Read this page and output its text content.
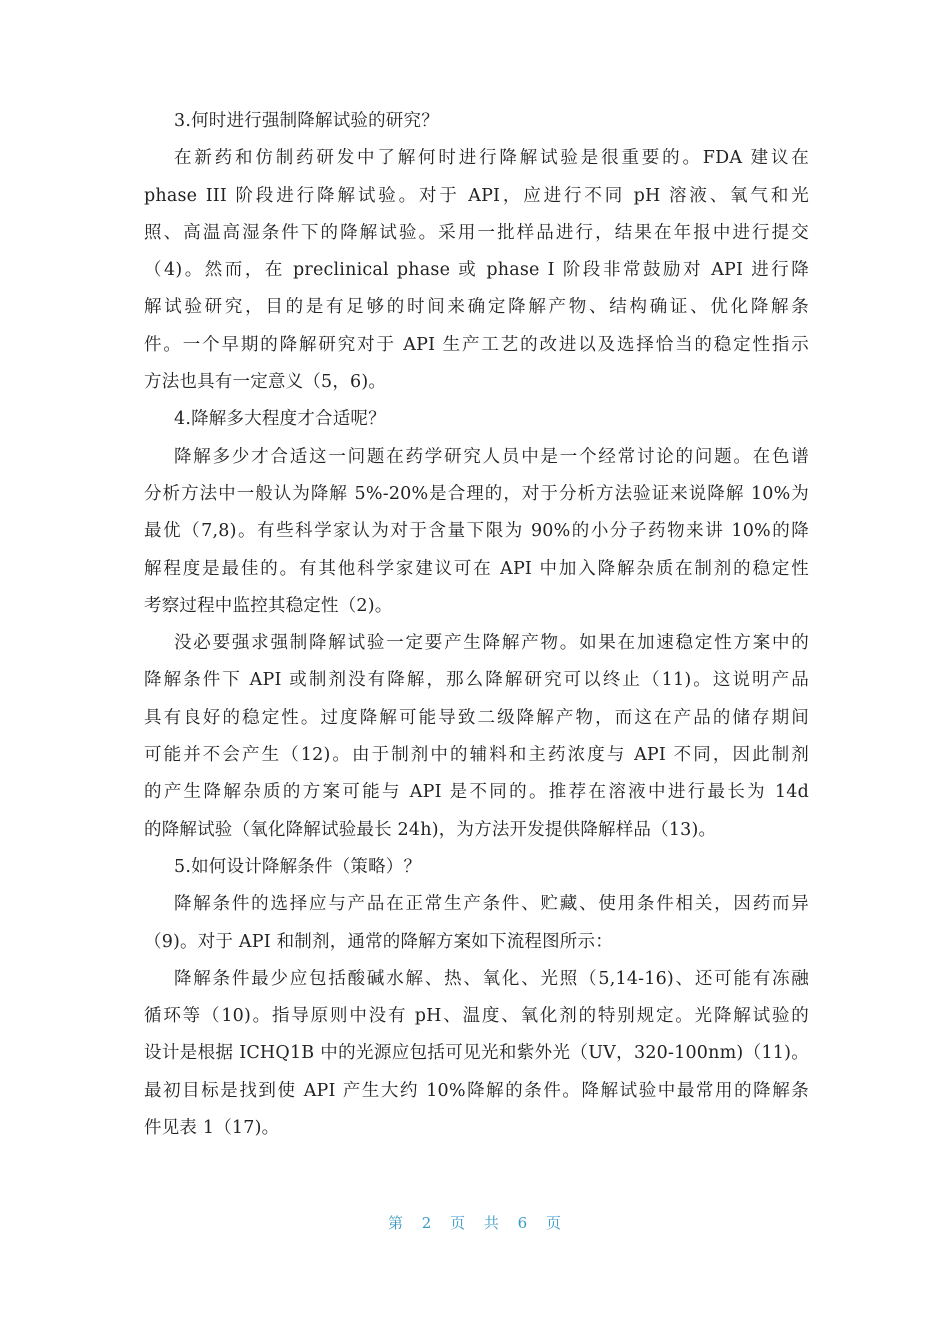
3.何时进行强制降解试验的研究？
在新药和仿制药研发中了解何时进行降解试验是很重要的。FDA 建议在
phase III 阶段进行降解试验。对于 API，应进行不同 pH 溶液、氧气和光
照、高温高湿条件下的降解试验。采用一批样品进行，结果在年报中进行提交
（4)。然而，在 preclinical phase 或 phase I 阶段非常鼓励对 API 进行降
解试验研究，目的是有足够的时间来确定降解产物、结构确证、优化降解条
件。一个早期的降解研究对于 API 生产工艺的改进以及选择恰当的稳定性指示
方法也具有一定意义（5，6)。
4.降解多大程度才合适呢？
降解多少才合适这一问题在药学研究人员中是一个经常讨论的问题。在色谱
分析方法中一般认为降解 5%-20%是合理的，对于分析方法验证来说降解 10%为
最优（7,8)。有些科学家认为对于含量下限为 90%的小分子药物来讲 10%的降
解程度是最佳的。有其他科学家建议可在 API 中加入降解杂质在制剂的稳定性
考察过程中监控其稳定性（2)。
没必要强求强制降解试验一定要产生降解产物。如果在加速稳定性方案中的
降解条件下 API 或制剂没有降解，那么降解研究可以终止（11)。这说明产品
具有良好的稳定性。过度降解可能导致二级降解产物，而这在产品的储存期间
可能并不会产生（12)。由于制剂中的辅料和主药浓度与 API 不同，因此制剂
的产生降解杂质的方案可能与 API 是不同的。推荐在溶液中进行最长为 14d
的降解试验（氧化降解试验最长 24h)，为方法开发提供降解样品（13)。
5.如何设计降解条件（策略）？
降解条件的选择应与产品在正常生产条件、贮藏、使用条件相关，因药而异
（9)。对于 API 和制剂，通常的降解方案如下流程图所示：
降解条件最少应包括酸碱水解、热、氧化、光照（5,14-16)、还可能有冻融
循环等（10)。指导原则中没有 pH、温度、氧化剂的特别规定。光降解试验的
设计是根据 ICHQ1B 中的光源应包括可见光和紫外光（UV，320-100nm)（11)。
最初目标是找到使 API 产生大约 10%降解的条件。降解试验中最常用的降解条
件见表 1（17)。
第 2 页 共 6 页
